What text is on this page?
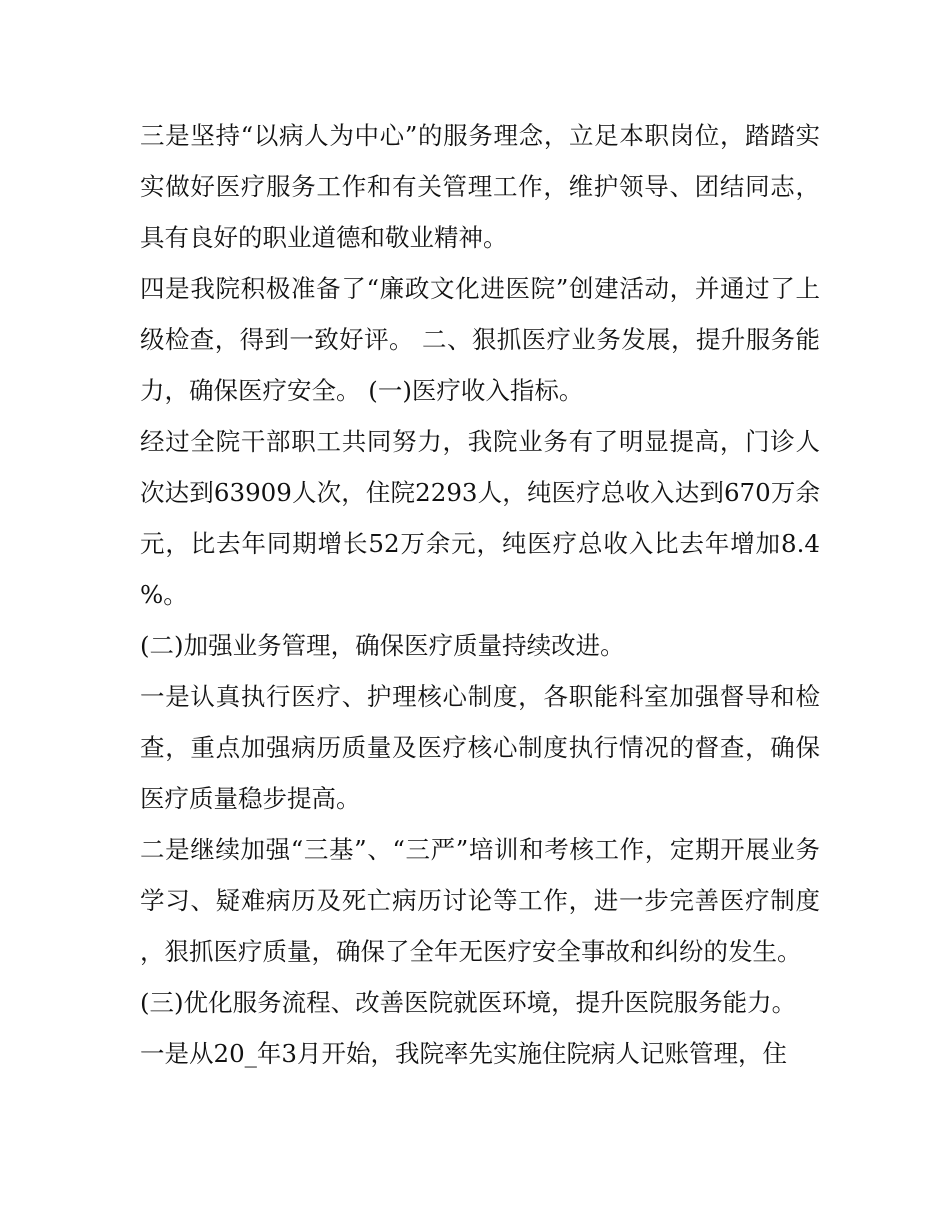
三是坚持“以病人为中心”的服务理念，立足本职岗位，踏踏实实做好医疗服务工作和有关管理工作，维护领导、团结同志，具有良好的职业道德和敬业精神。

四是我院积极准备了“廉政文化进医院”创建活动，并通过了上级检查，得到一致好评。 二、狠抓医疗业务发展，提升服务能力，确保医疗安全。 (一)医疗收入指标。

经过全院干部职工共同努力，我院业务有了明显提高，门诊人次达到63909人次，住院2293人，纯医疗总收入达到670万余元，比去年同期增长52万余元，纯医疗总收入比去年增加8.4%。

(二)加强业务管理，确保医疗质量持续改进。

一是认真执行医疗、护理核心制度，各职能科室加强督导和检查，重点加强病历质量及医疗核心制度执行情况的督查，确保医疗质量稳步提高。

二是继续加强“三基”、“三严”培训和考核工作，定期开展业务学习、疑难病历及死亡病历讨论等工作，进一步完善医疗制度，狠抓医疗质量，确保了全年无医疗安全事故和纠纷的发生。

(三)优化服务流程、改善医院就医环境，提升医院服务能力。

一是从20_年3月开始，我院率先实施住院病人记账管理，住
